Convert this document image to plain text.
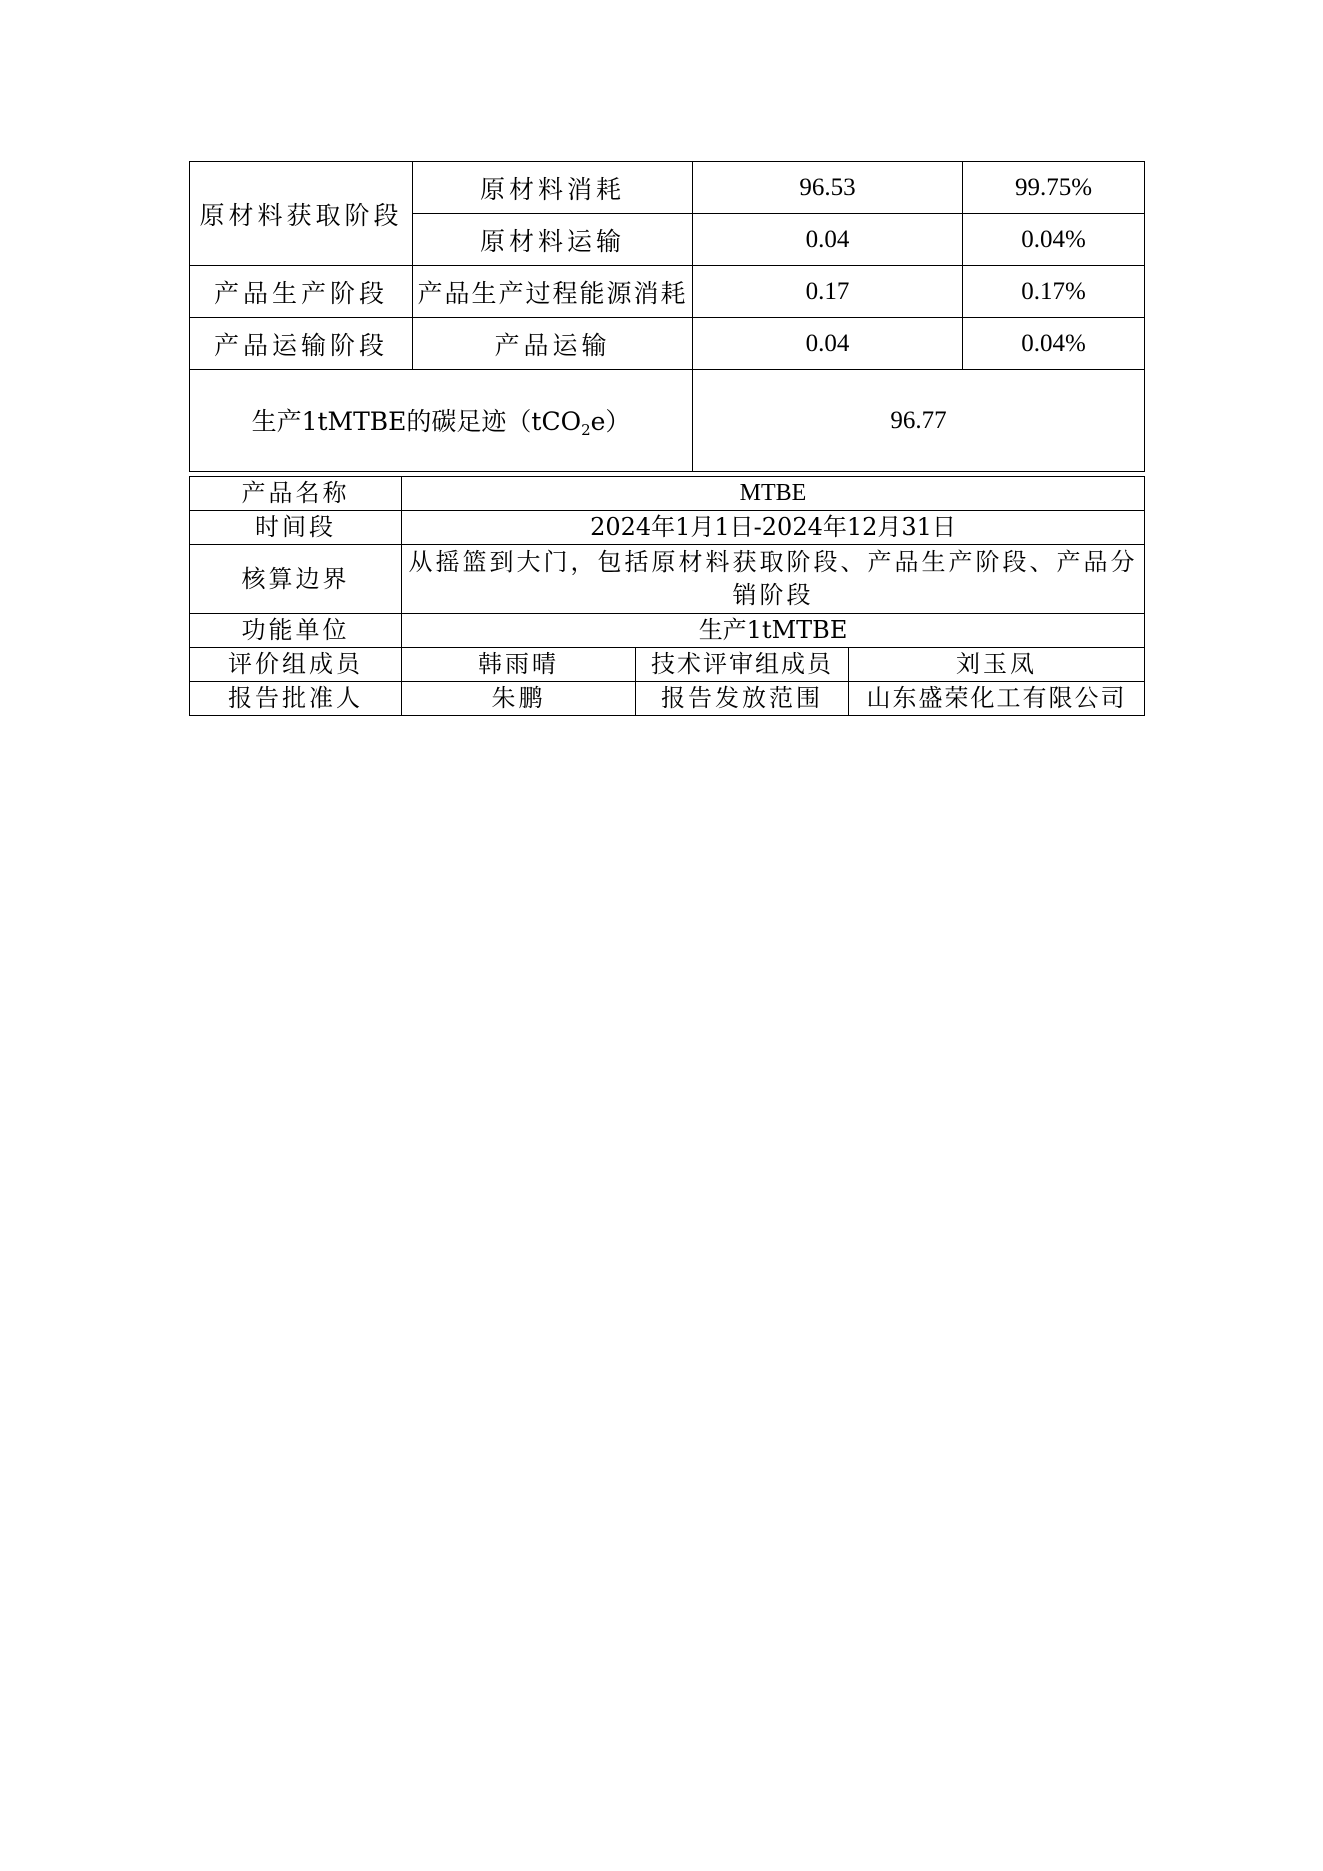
原材料获取阶段	原材料消耗	96.53	99.75%
	原材料运输	0.04	0.04%
产品生产阶段	产品生产过程能源消耗	0.17	0.17%
产品运输阶段	产品运输	0.04	0.04%
生产1tMTBE的碳足迹（tCO$_2$e）		96.77	
产品名称	MTBE		
时间段	2024年1月1日-2024年12月31日		
核算边界	从摇篮到大门，包括原材料获取阶段、产品生产阶段、产品分销阶段		
功能单位	生产1tMTBE		
评价组成员	韩雨晴	技术评审组成员	刘玉凤
报告批准人	朱鹏	报告发放范围	山东盛荣化工有限公司
